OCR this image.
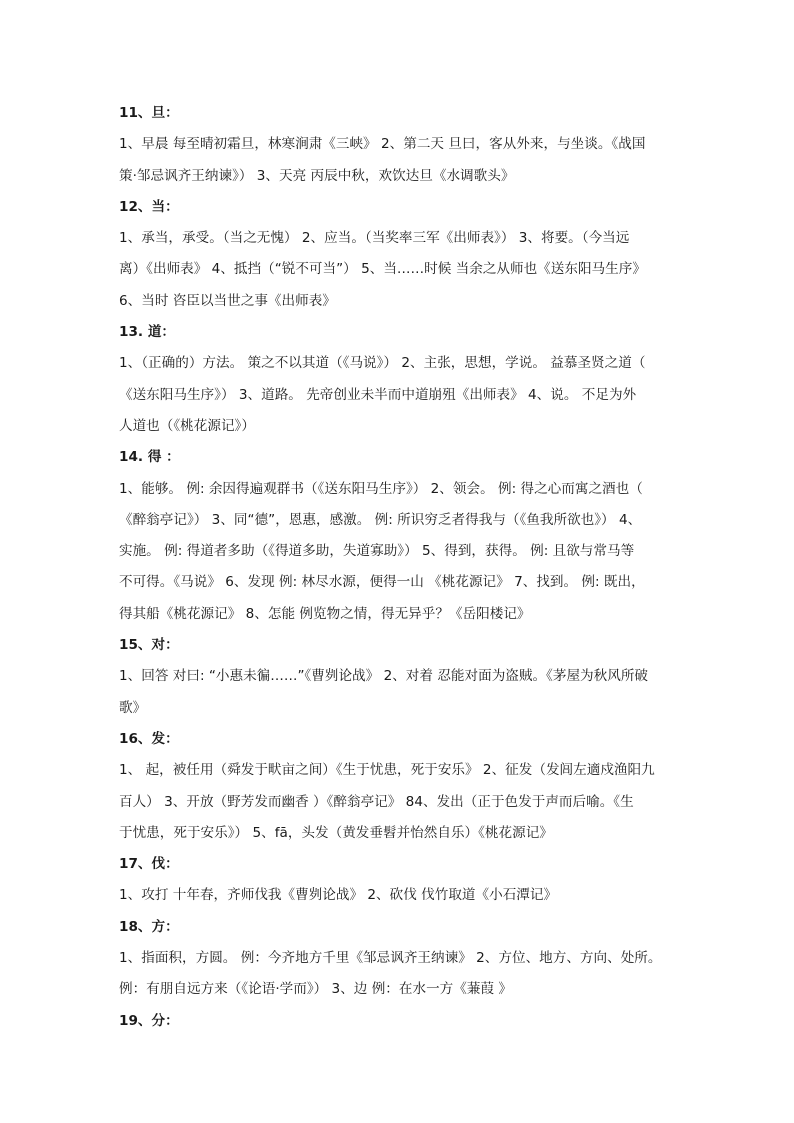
11、旦：
1、早晨 每至晴初霜旦，林寒涧肃《三峡》 2、第二天 旦曰，客从外来，与坐谈。《战国
策·邹忌讽齐王纳谏》） 3、天亮 丙辰中秋，欢饮达旦《水调歌头》
12、当：
1、承当，承受。（当之无愧） 2、应当。（当奖率三军《出师表》） 3、将要。（今当远
离）《出师表》 4、抵挡（“锐不可当”） 5、当……时候 当余之从师也《送东阳马生序》
6、当时 咨臣以当世之事《出师表》
13. 道：
1、（正确的）方法。 策之不以其道（《马说》） 2、主张，思想，学说。 益慕圣贤之道（
《送东阳马生序》） 3、道路。 先帝创业未半而中道崩殂《出师表》 4、说。 不足为外
人道也（《桃花源记》）
14. 得 ：
1、能够。 例: 余因得遍观群书（《送东阳马生序》） 2、领会。 例: 得之心而寓之酒也（
《醉翁亭记》） 3、同“德”，恩惠，感激。 例: 所识穷乏者得我与（《鱼我所欲也》） 4、
实施。 例: 得道者多助（《得道多助，失道寡助》） 5、得到，获得。 例: 且欲与常马等
不可得。《马说》 6、发现 例: 林尽水源，便得一山 《桃花源记》 7、找到。 例: 既出，
得其船《桃花源记》 8、怎能 例览物之情，得无异乎？《岳阳楼记》
15、对：
1、回答 对曰: “小惠未徧……”《曹刿论战》 2、对着 忍能对面为盗贼。《茅屋为秋风所破
歌》
16、发：
1、 起，被任用（舜发于畎亩之间）《生于忧患，死于安乐》 2、征发（发闾左適戍渔阳九
百人） 3、开放（野芳发而幽香 ）《醉翁亭记》 84、发出（正于色发于声而后喻。《生
于忧患，死于安乐》） 5、fā，头发（黄发垂髫并怡然自乐）《桃花源记》
17、伐：
1、攻打 十年春，齐师伐我《曹刿论战》 2、砍伐 伐竹取道《小石潭记》
18、方：
1、指面积，方圆。 例：今齐地方千里《邹忌讽齐王纳谏》 2、方位、地方、方向、处所。
例：有朋自远方来（《论语·学而》） 3、边 例：在水一方《蒹葭 》
19、分：
